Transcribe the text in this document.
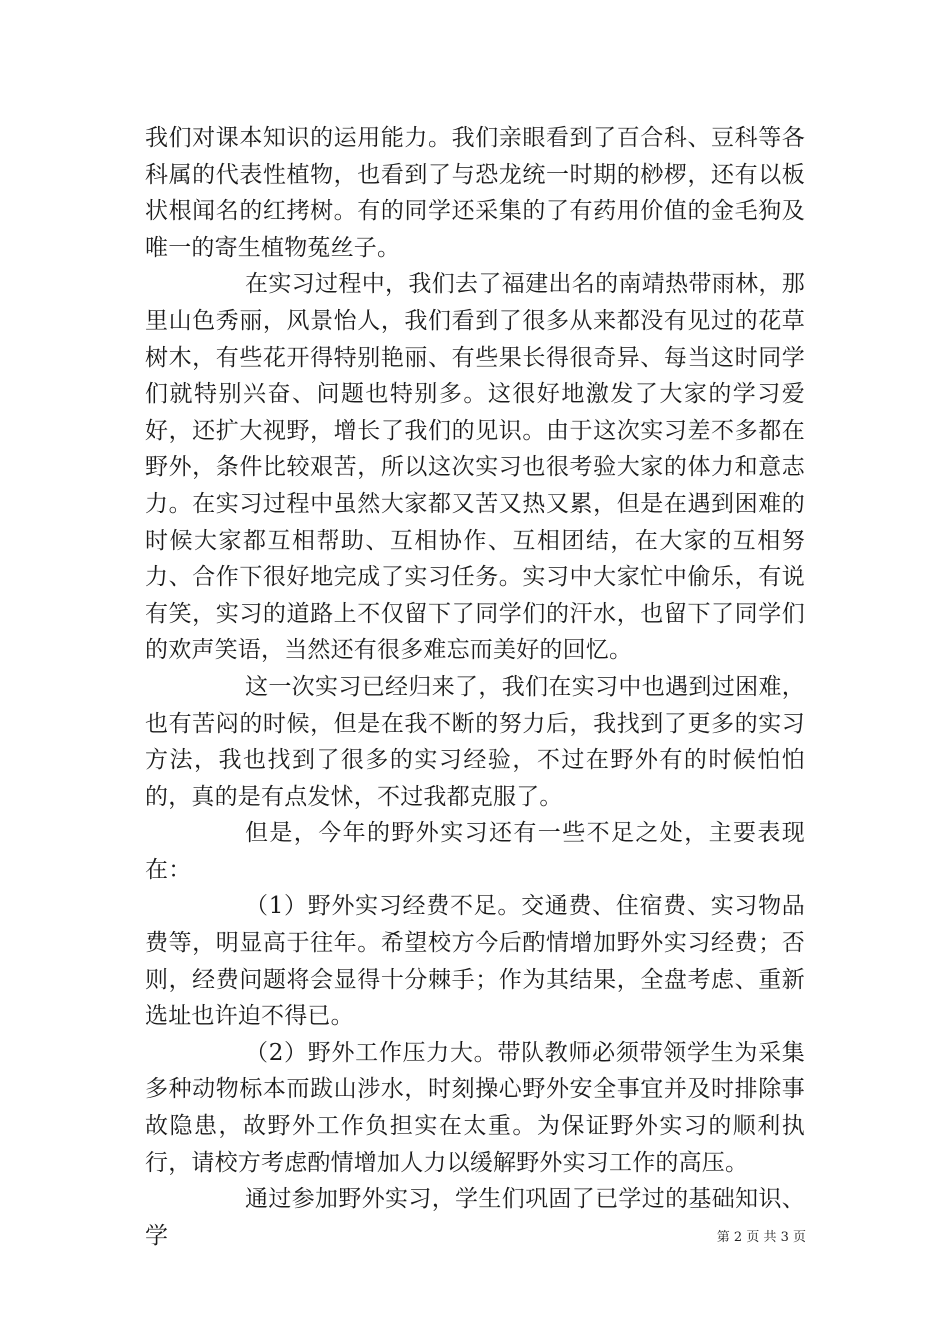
我们对课本知识的运用能力。我们亲眼看到了百合科、豆科等各科属的代表性植物，也看到了与恐龙统一时期的桫椤，还有以板状根闻名的红拷树。有的同学还采集的了有药用价值的金毛狗及唯一的寄生植物菟丝子。

在实习过程中，我们去了福建出名的南靖热带雨林，那里山色秀丽，风景怡人，我们看到了很多从来都没有见过的花草树木，有些花开得特别艳丽、有些果长得很奇异、每当这时同学们就特别兴奋、问题也特别多。这很好地激发了大家的学习爱好，还扩大视野，增长了我们的见识。由于这次实习差不多都在野外，条件比较艰苦，所以这次实习也很考验大家的体力和意志力。在实习过程中虽然大家都又苦又热又累，但是在遇到困难的时候大家都互相帮助、互相协作、互相团结，在大家的互相努力、合作下很好地完成了实习任务。实习中大家忙中偷乐，有说有笑，实习的道路上不仅留下了同学们的汗水，也留下了同学们的欢声笑语，当然还有很多难忘而美好的回忆。

这一次实习已经归来了，我们在实习中也遇到过困难，也有苦闷的时候，但是在我不断的努力后，我找到了更多的实习方法，我也找到了很多的实习经验，不过在野外有的时候怕怕的，真的是有点发怵，不过我都克服了。

但是，今年的野外实习还有一些不足之处，主要表现在：

（1）野外实习经费不足。交通费、住宿费、实习物品费等，明显高于往年。希望校方今后酌情增加野外实习经费；否则，经费问题将会显得十分棘手；作为其结果，全盘考虑、重新选址也许迫不得已。

（2）野外工作压力大。带队教师必须带领学生为采集多种动物标本而跋山涉水，时刻操心野外安全事宜并及时排除事故隐患，故野外工作负担实在太重。为保证野外实习的顺利执行，请校方考虑酌情增加人力以缓解野外实习工作的高压。

通过参加野外实习，学生们巩固了已学过的基础知识、学	第 2 页 共 3 页
